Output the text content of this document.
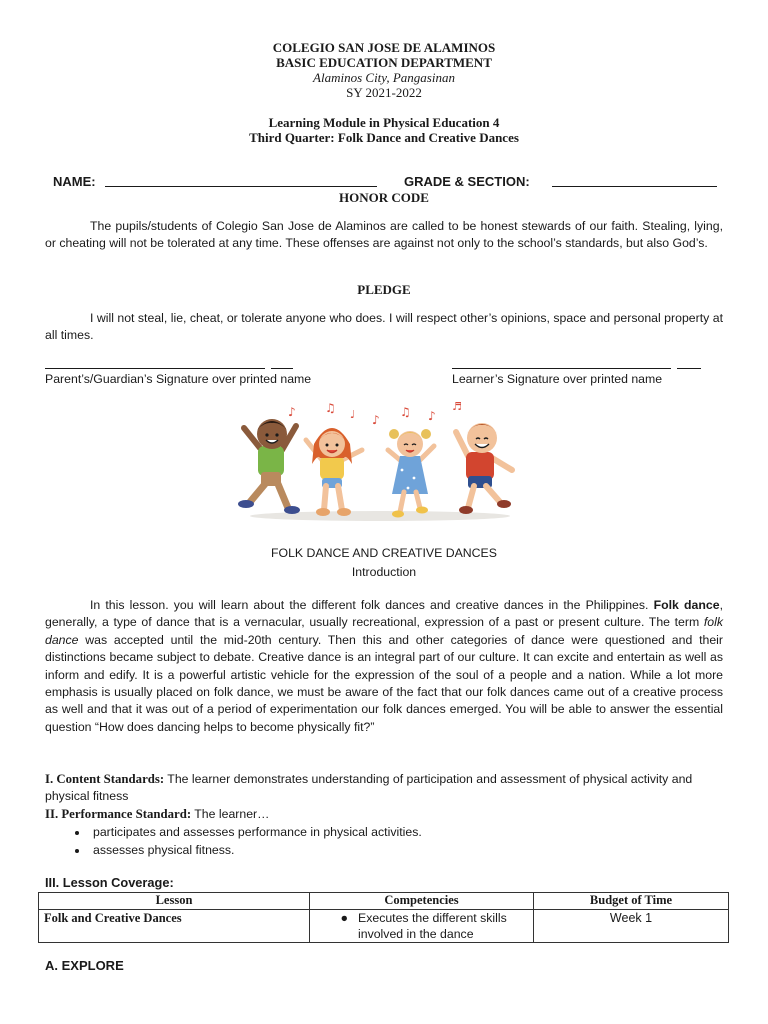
COLEGIO SAN JOSE DE ALAMINOS
BASIC EDUCATION DEPARTMENT
Alaminos City, Pangasinan
SY 2021-2022
Learning Module in Physical Education 4
Third Quarter: Folk Dance and Creative Dances
NAME:	GRADE & SECTION:
HONOR CODE
The pupils/students of Colegio San Jose de Alaminos are called to be honest stewards of our faith. Stealing, lying, or cheating will not be tolerated at any time. These offenses are against not only to the school’s standards, but also God’s.
PLEDGE
I will not steal, lie, cheat, or tolerate anyone who does. I will respect other’s opinions, space and personal property at all times.
Parent’s/Guardian’s Signature over printed name	Learner’s Signature over printed name
♪ ♫ ♩ ♪
♫ ♪
♬
FOLK DANCE AND CREATIVE DANCES
Introduction
In this lesson. you will learn about the different folk dances and creative dances in the Philippines. Folk dance, generally, a type of dance that is a vernacular, usually recreational, expression of a past or present culture. The term folk dance was accepted until the mid-20th century. Then this and other categories of dance were questioned and their distinctions became subject to debate. Creative dance is an integral part of our culture. It can excite and entertain as well as inform and edify. It is a powerful artistic vehicle for the expression of the soul of a people and a nation. While a lot more emphasis is usually placed on folk dance, we must be aware of the fact that our folk dances came out of a creative process as well and that it was out of a period of experimentation our folk dances emerged. You will be able to answer the essential question “How does dancing helps to become physically fit?”
I. Content Standards: The learner demonstrates understanding of participation and assessment of physical activity and physical fitness
II. Performance Standard: The learner…
• participates and assesses performance in physical activities.
• assesses physical fitness.
III. Lesson Coverage:
Lesson	Competencies	Budget of Time
Folk and Creative Dances	● Executes the different skills involved in the dance	Week 1
A. EXPLORE
